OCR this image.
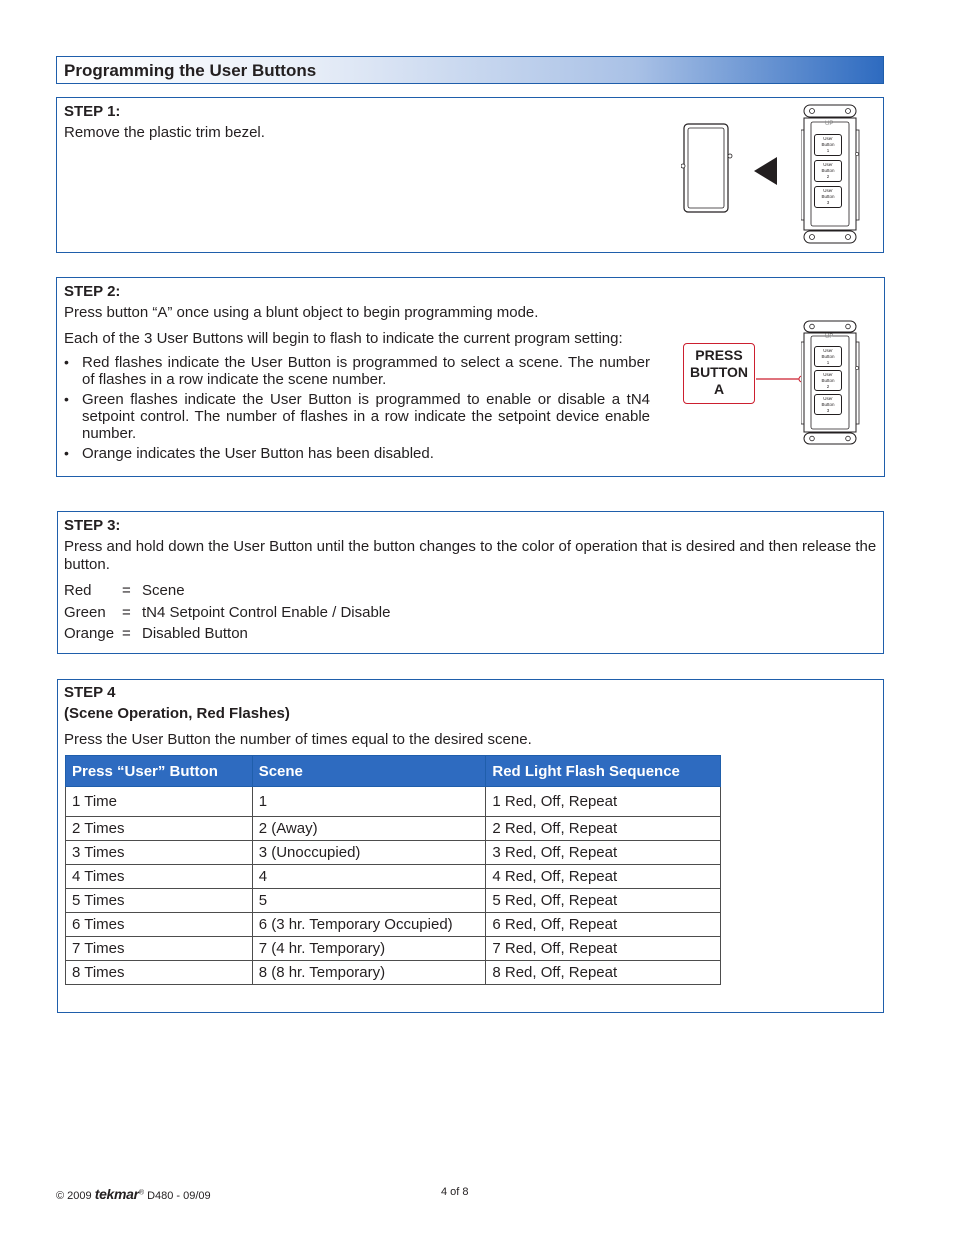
Programming the User Buttons
STEP 1:
Remove the plastic trim bezel.	UP
User
Button
1
User
Button
2
User
Button
3
STEP 2:
Press button “A” once using a blunt object to begin programming mode.
Each of the 3 User Buttons will begin to flash to indicate the current program setting:
• Red flashes indicate the User Button is programmed to select a scene. The number of flashes in a row indicate the scene number.
• Green flashes indicate the User Button is programmed to enable or disable a tN4 setpoint control. The number of flashes in a row indicate the setpoint device enable number.
• Orange indicates the User Button has been disabled.
PRESS
BUTTON
A
UP
User
Button
1
User
Button
2
User
Button
3
STEP 3:
Press and hold down the User Button until the button changes to the color of operation that is desired and then release the button.
Red = Scene
Green = tN4 Setpoint Control Enable / Disable
Orange = Disabled Button
STEP 4
(Scene Operation, Red Flashes)
Press the User Button the number of times equal to the desired scene.
Press “User” Button	Scene	Red Light Flash Sequence
1 Time	1	1 Red, Off, Repeat
2 Times	2 (Away)	2 Red, Off, Repeat
3 Times	3 (Unoccupied)	3 Red, Off, Repeat
4 Times	4	4 Red, Off, Repeat
5 Times	5	5 Red, Off, Repeat
6 Times	6 (3 hr. Temporary Occupied)	6 Red, Off, Repeat
7 Times	7 (4 hr. Temporary)	7 Red, Off, Repeat
8 Times	8 (8 hr. Temporary)	8 Red, Off, Repeat
© 2009 tekmar® D480 - 09/09	4 of 8
